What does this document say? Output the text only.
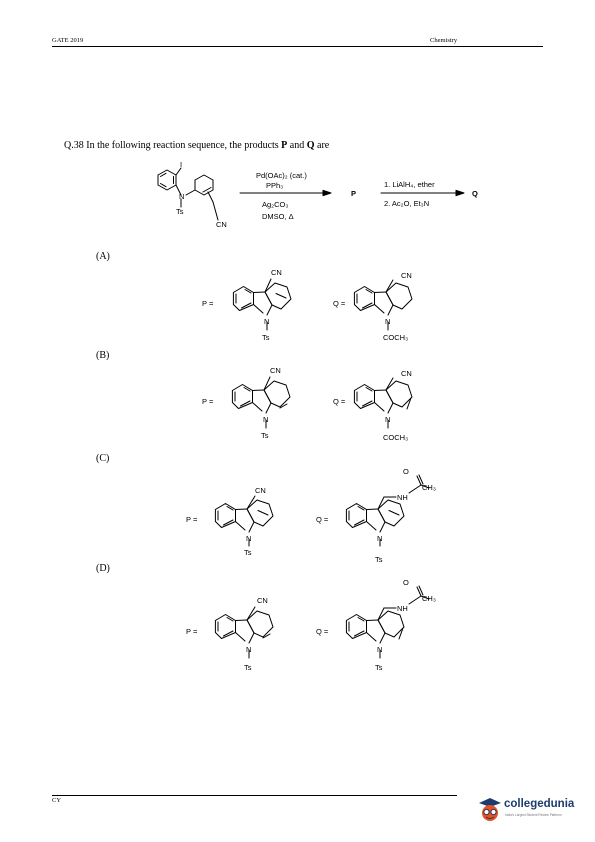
GATE 2019	Chemistry
Q.38 In the following reaction sequence, the products P and Q are
(A)
(B)
(C)
(D)
I
N
Ts
CN
Pd(OAc)₂ (cat.)
PPh₃
Ag₂CO₃
DMSO, Δ
P
1. LiAlH₄, ether
2. Ac₂O, Et₃N
Q
P =
CN
N
Ts
Q =
CN
N
COCH₃
P =
CN
N
Ts
Q =
CN
N
COCH₃
P =
CN
N
Ts
Q =
O
CH₃
NH
N
Ts
P =
CN
N
Ts
Q =
O
CH₃
NH
N
Ts
CY	collegedunia
India's Largest Student Review Platform
